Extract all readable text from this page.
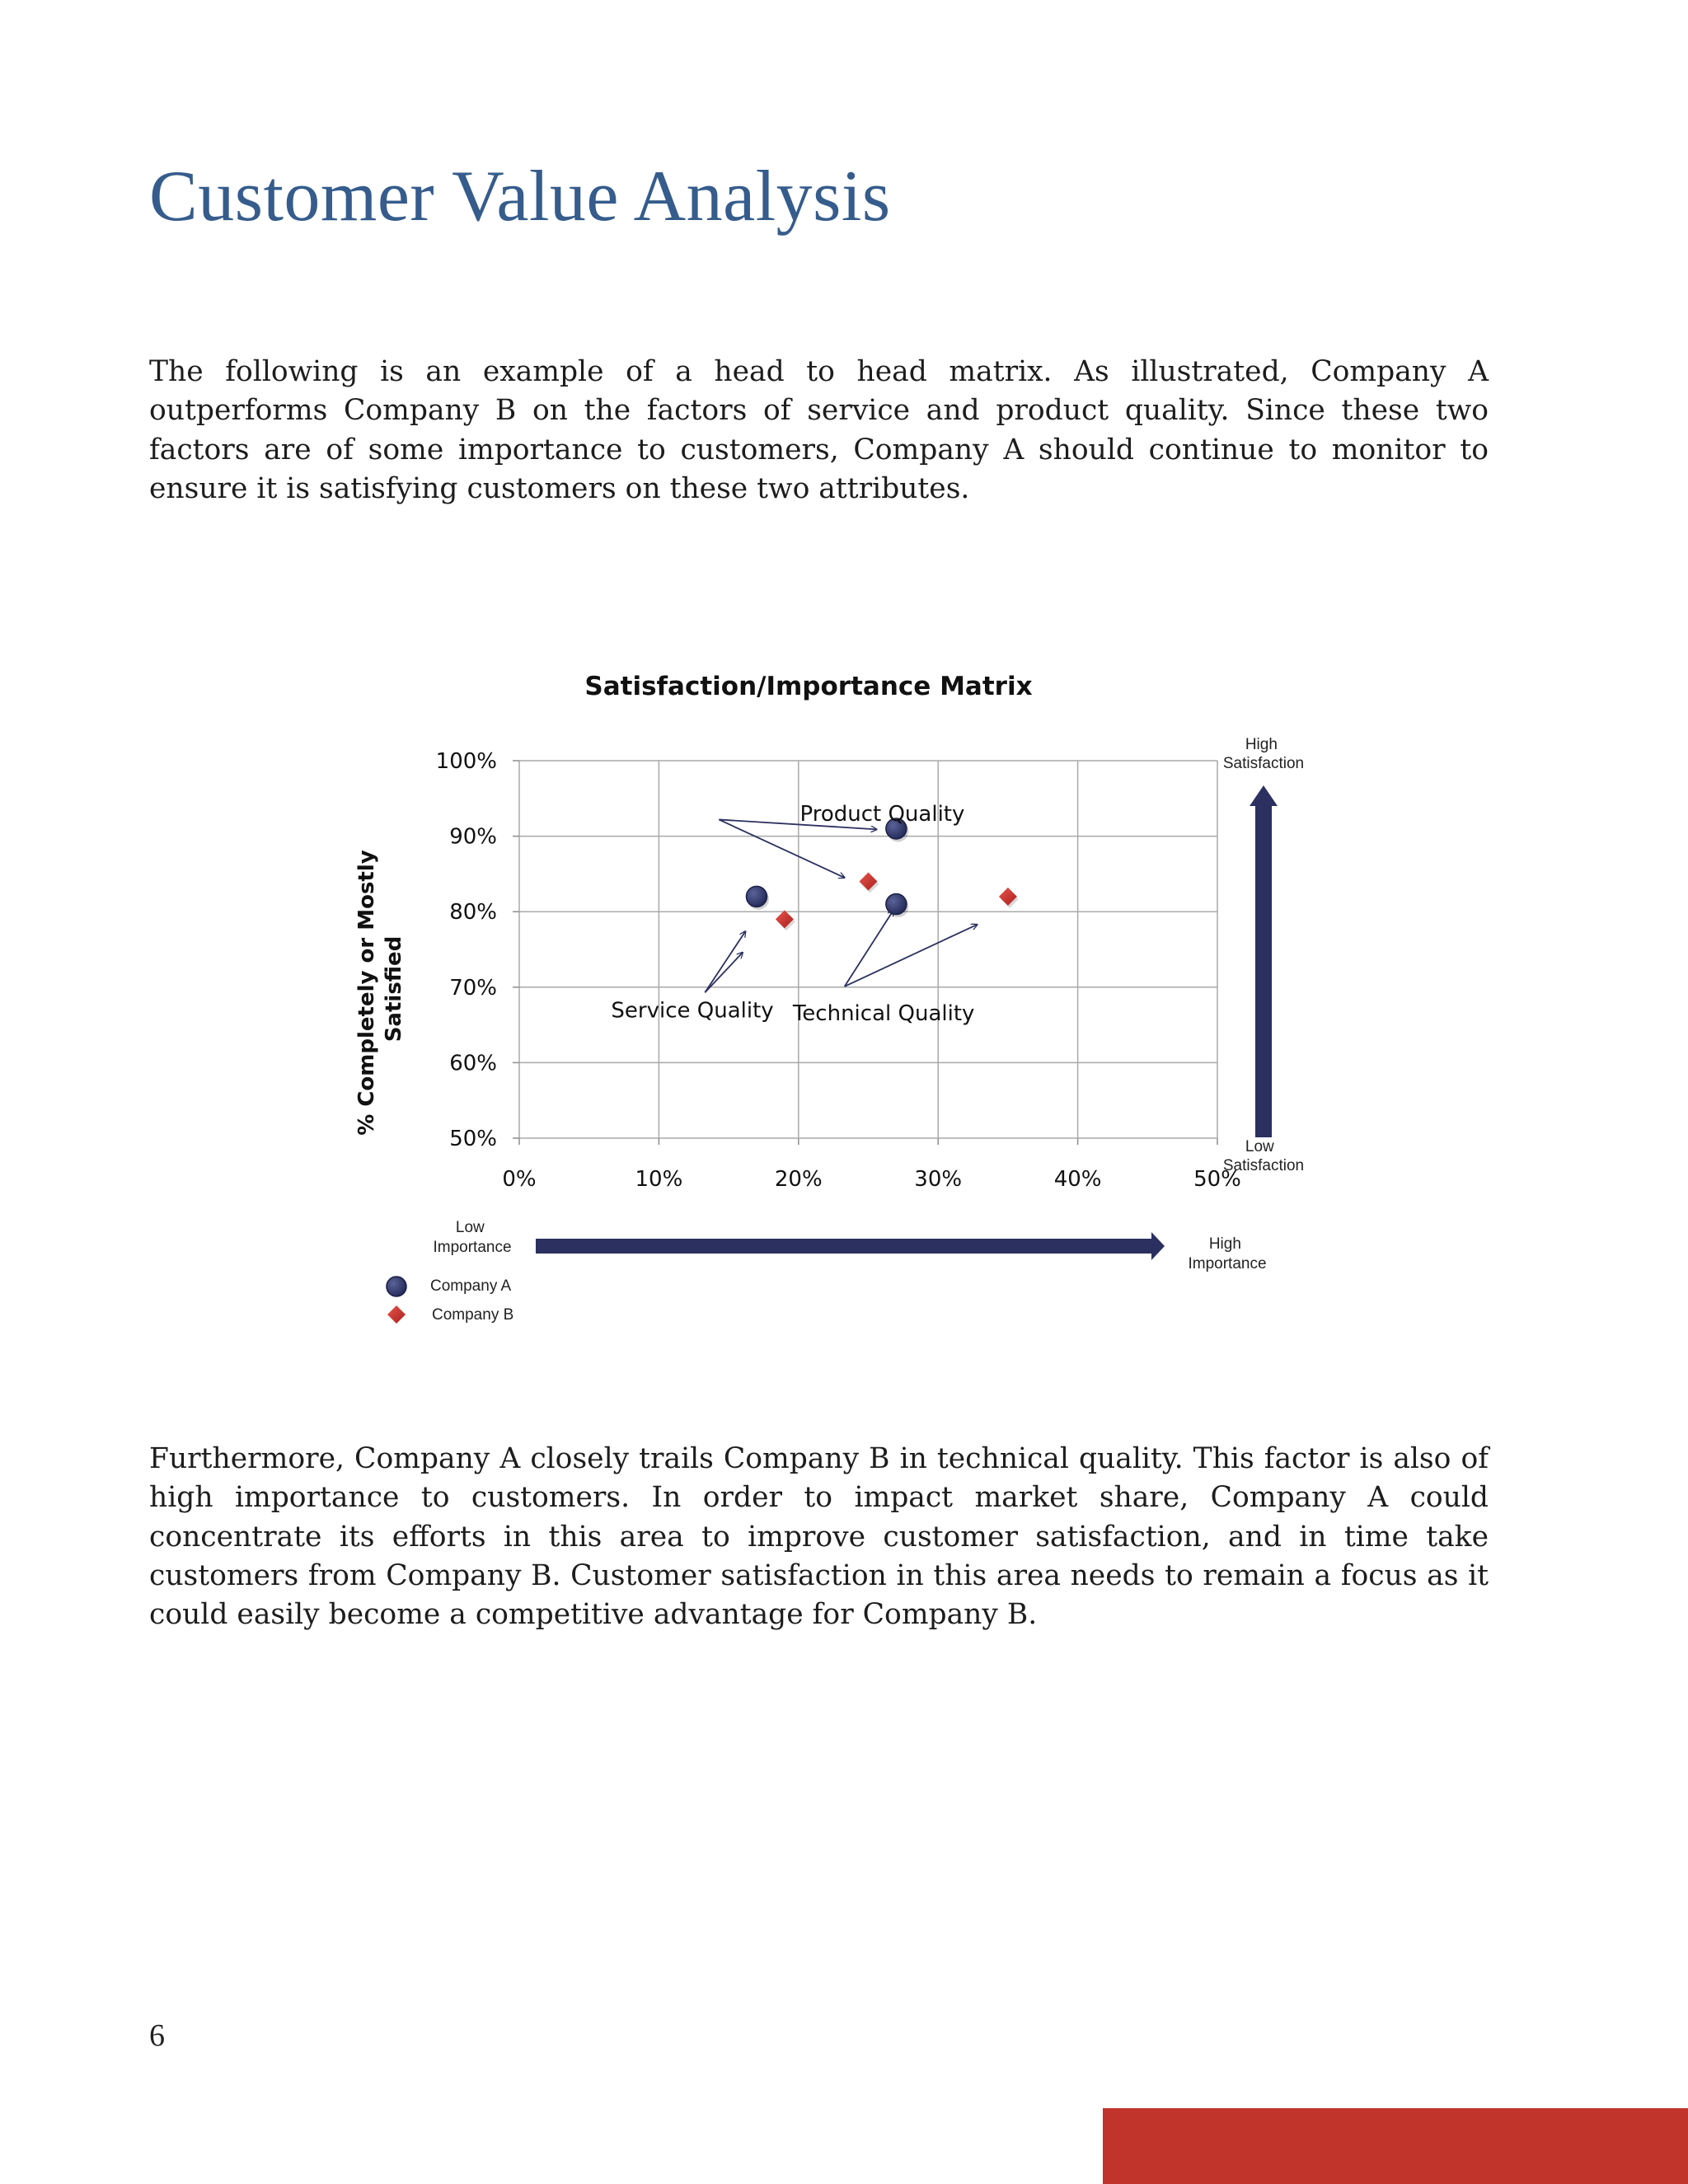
Customer Value Analysis

The following is an example of a head to head matrix. As illustrated, Company A outperforms Company B on the factors of service and product quality. Since these two factors are of some importance to customers, Company A should continue to monitor to ensure it is satisfying customers on these two attributes.

Satisfaction/Importance Matrix
50%
60%
70%
80%
90%
100%
0%	10%	20%	30%	40%	50%
% Completely or Mostly Satisfied
Product Quality
Service Quality Technical Quality
High Satisfaction
Low Satisfaction
Low Importance	High Importance
Company A
Company B

Furthermore, Company A closely trails Company B in technical quality. This factor is also of high importance to customers. In order to impact market share, Company A could concentrate its efforts in this area to improve customer satisfaction, and in time take customers from Company B. Customer satisfaction in this area needs to remain a focus as it could easily become a competitive advantage for Company B.

6
